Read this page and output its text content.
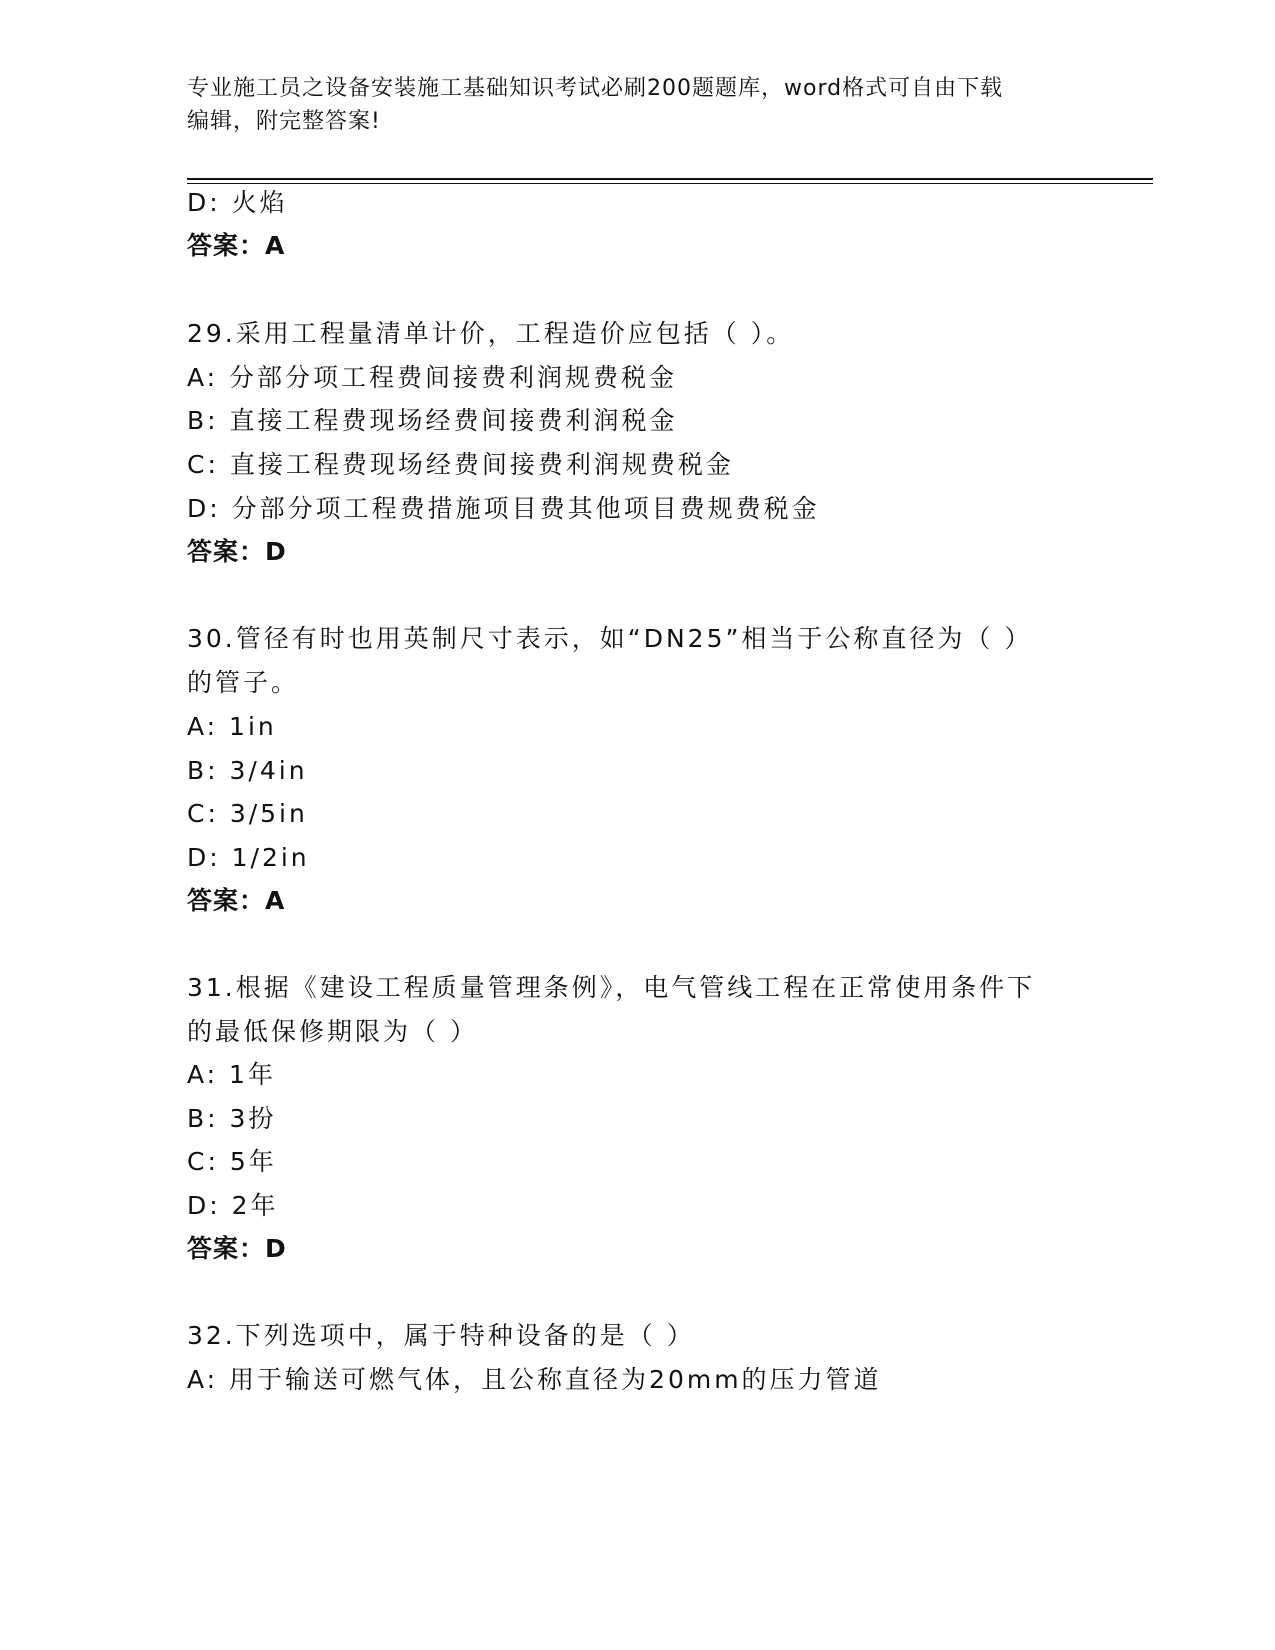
专业施工员之设备安装施工基础知识考试必刷200题题库，word格式可自由下载
编辑，附完整答案!
D: 火焰
答案：A
29.采用工程量清单计价，工程造价应包括（ ）。
A: 分部分项工程费间接费利润规费税金
B: 直接工程费现场经费间接费利润税金
C: 直接工程费现场经费间接费利润规费税金
D: 分部分项工程费措施项目费其他项目费规费税金
答案：D
30.管径有时也用英制尺寸表示，如“DN25”相当于公称直径为（ ）
的管子。
A: 1in
B: 3/4in
C: 3/5in
D: 1/2in
答案：A
31.根据《建设工程质量管理条例》，电气管线工程在正常使用条件下
的最低保修期限为（ ）
A: 1年
B: 3扮
C: 5年
D: 2年
答案：D
32.下列选项中，属于特种设备的是（ ）
A: 用于输送可燃气体，且公称直径为20mm的压力管道
